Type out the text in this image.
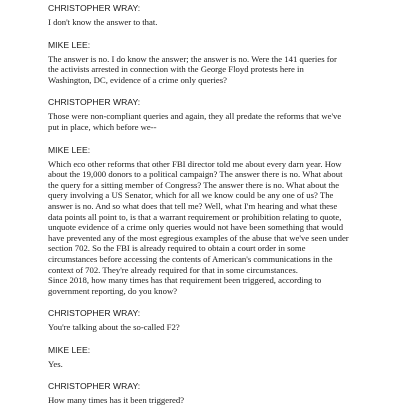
CHRISTOPHER WRAY:
I don't know the answer to that.
MIKE LEE:
The answer is no. I do know the answer; the answer is no. Were the 141 queries for
the activists arrested in connection with the George Floyd protests here in
Washington, DC, evidence of a crime only queries?
CHRISTOPHER WRAY:
Those were non-compliant queries and again, they all predate the reforms that we've
put in place, which before we--
MIKE LEE:
Which eco other reforms that other FBI director told me about every darn year. How
about the 19,000 donors to a political campaign? The answer there is no. What about
the query for a sitting member of Congress? The answer there is no. What about the
query involving a US Senator, which for all we know could be any one of us? The
answer is no. And so what does that tell me? Well, what I'm hearing and what these
data points all point to, is that a warrant requirement or prohibition relating to quote,
unquote evidence of a crime only queries would not have been something that would
have prevented any of the most egregious examples of the abuse that we've seen under
section 702. So the FBI is already required to obtain a court order in some
circumstances before accessing the contents of American's communications in the
context of 702. They're already required for that in some circumstances.
Since 2018, how many times has that requirement been triggered, according to
government reporting, do you know?
CHRISTOPHER WRAY:
You're talking about the so-called F2?
MIKE LEE:
Yes.
CHRISTOPHER WRAY:
How many times has it been triggered?
